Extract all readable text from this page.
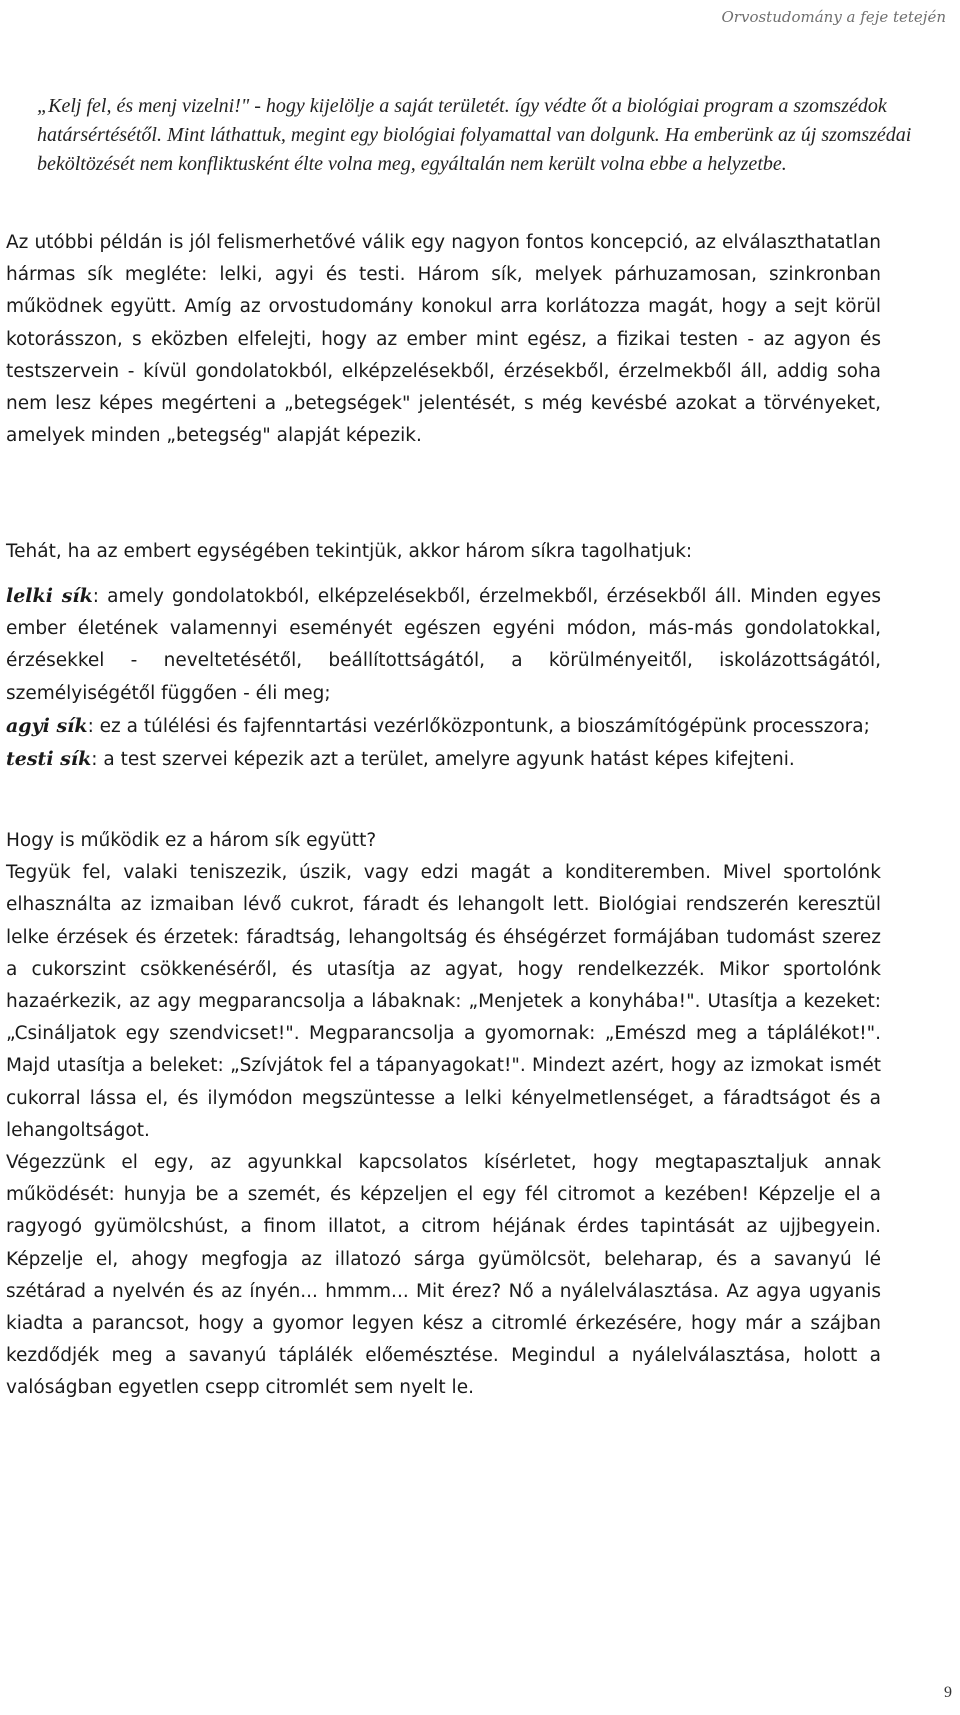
Orvostudomány a feje tetején
„Kelj fel, és menj vizelni!" - hogy kijelölje a saját területét. így védte őt a biológiai program a szomszédok határsértésétől. Mint láthattuk, megint egy biológiai folyamattal van dolgunk. Ha emberünk az új szomszédai beköltözését nem konfliktusként élte volna meg, egyáltalán nem került volna ebbe a helyzetbe.

Az utóbbi példán is jól felismerhetővé válik egy nagyon fontos koncepció, az elválaszthatatlan hármas sík megléte: lelki, agyi és testi. Három sík, melyek párhuzamosan, szinkronban működnek együtt. Amíg az orvostudomány konokul arra korlátozza magát, hogy a sejt körül kotorásszon, s eközben elfelejti, hogy az ember mint egész, a fizikai testen - az agyon és testszervein - kívül gondolatokból, elképzelésekből, érzésekből, érzelmekből áll, addig soha nem lesz képes megérteni a „betegségek" jelentését, s még kevésbé azokat a törvényeket, amelyek minden „betegség" alapját képezik.

Tehát, ha az embert egységében tekintjük, akkor három síkra tagolhatjuk:

lelki sík: amely gondolatokból, elképzelésekből, érzelmekből, érzésekből áll. Minden egyes ember életének valamennyi eseményét egészen egyéni módon, más-más gondolatokkal, érzésekkel - neveltetésétől, beállítottságától, a körülményeitől, iskolázottságától, személyiségétől függően - éli meg;
agyi sík: ez a túlélési és fajfenntartási vezérlőközpontunk, a bioszámítógépünk processzora;
testi sík: a test szervei képezik azt a terület, amelyre agyunk hatást képes kifejteni.
Hogy is működik ez a három sík együtt?
Tegyük fel, valaki teniszezik, úszik, vagy edzi magát a konditeremben. Mivel sportolónk elhasználta az izmaiban lévő cukrot, fáradt és lehangolt lett. Biológiai rendszerén keresztül lelke érzések és érzetek: fáradtság, lehangoltság és éhségérzet formájában tudomást szerez a cukorszint csökkenéséről, és utasítja az agyat, hogy rendelkezzék. Mikor sportolónk hazaérkezik, az agy megparancsolja a lábaknak: „Menjetek a konyhába!". Utasítja a kezeket: „Csináljatok egy szendvicset!". Megparancsolja a gyomornak: „Emészd meg a táplálékot!". Majd utasítja a beleket: „Szívjátok fel a tápanyagokat!". Mindezt azért, hogy az izmokat ismét cukorral lássa el, és ilymódon megszüntesse a lelki kényelmetlenséget, a fáradtságot és a lehangoltságot.
Végezzünk el egy, az agyunkkal kapcsolatos kísérletet, hogy megtapasztaljuk annak működését: hunyja be a szemét, és képzeljen el egy fél citromot a kezében! Képzelje el a ragyogó gyümölcshúst, a finom illatot, a citrom héjának érdes tapintását az ujjbegyein. Képzelje el, ahogy megfogja az illatozó sárga gyümölcsöt, beleharap, és a savanyú lé szétárad a nyelvén és az ínyén... hmmm... Mit érez? Nő a nyálelválasztása. Az agya ugyanis kiadta a parancsot, hogy a gyomor legyen kész a citromlé érkezésére, hogy már a szájban kezdődjék meg a savanyú táplálék előemésztése. Megindul a nyálelválasztása, holott a valóságban egyetlen csepp citromlét sem nyelt le.
9
